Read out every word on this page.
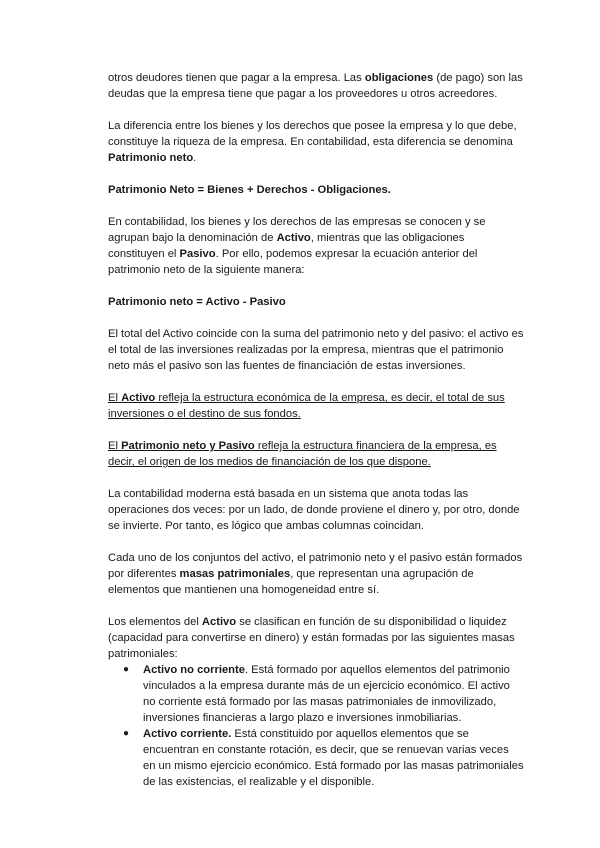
otros deudores tienen que pagar a la empresa. Las obligaciones (de pago) son las deudas que la empresa tiene que pagar a los proveedores u otros acreedores.

La diferencia entre los bienes y los derechos que posee la empresa y lo que debe, constituye la riqueza de la empresa. En contabilidad, esta diferencia se denomina Patrimonio neto.

Patrimonio Neto = Bienes + Derechos - Obligaciones.

En contabilidad, los bienes y los derechos de las empresas se conocen y se agrupan bajo la denominación de Activo, mientras que las obligaciones constituyen el Pasivo. Por ello, podemos expresar la ecuación anterior del patrimonio neto de la siguiente manera:

Patrimonio neto = Activo - Pasivo

El total del Activo coincide con la suma del patrimonio neto y del pasivo: el activo es el total de las inversiones realizadas por la empresa, mientras que el patrimonio neto más el pasivo son las fuentes de financiación de estas inversiones.

El Activo refleja la estructura económica de la empresa, es decir, el total de sus inversiones o el destino de sus fondos.

El Patrimonio neto y Pasivo refleja la estructura financiera de la empresa, es decir, el origen de los medios de financiación de los que dispone.

La contabilidad moderna está basada en un sistema que anota todas las operaciones dos veces: por un lado, de donde proviene el dinero y, por otro, donde se invierte. Por tanto, es lógico que ambas columnas coincidan.

Cada uno de los conjuntos del activo, el patrimonio neto y el pasivo están formados por diferentes masas patrimoniales, que representan una agrupación de elementos que mantienen una homogeneidad entre sí.

Los elementos del Activo se clasifican en función de su disponibilidad o liquidez (capacidad para convertirse en dinero) y están formadas por las siguientes masas patrimoniales:

● Activo no corriente. Está formado por aquellos elementos del patrimonio vinculados a la empresa durante más de un ejercicio económico. El activo no corriente está formado por las masas patrimoniales de inmovilizado, inversiones financieras a largo plazo e inversiones inmobiliarias.
● Activo corriente. Está constituido por aquellos elementos que se encuentran en constante rotación, es decir, que se renuevan varias veces en un mismo ejercicio económico. Está formado por las masas patrimoniales de las existencias, el realizable y el disponible.
